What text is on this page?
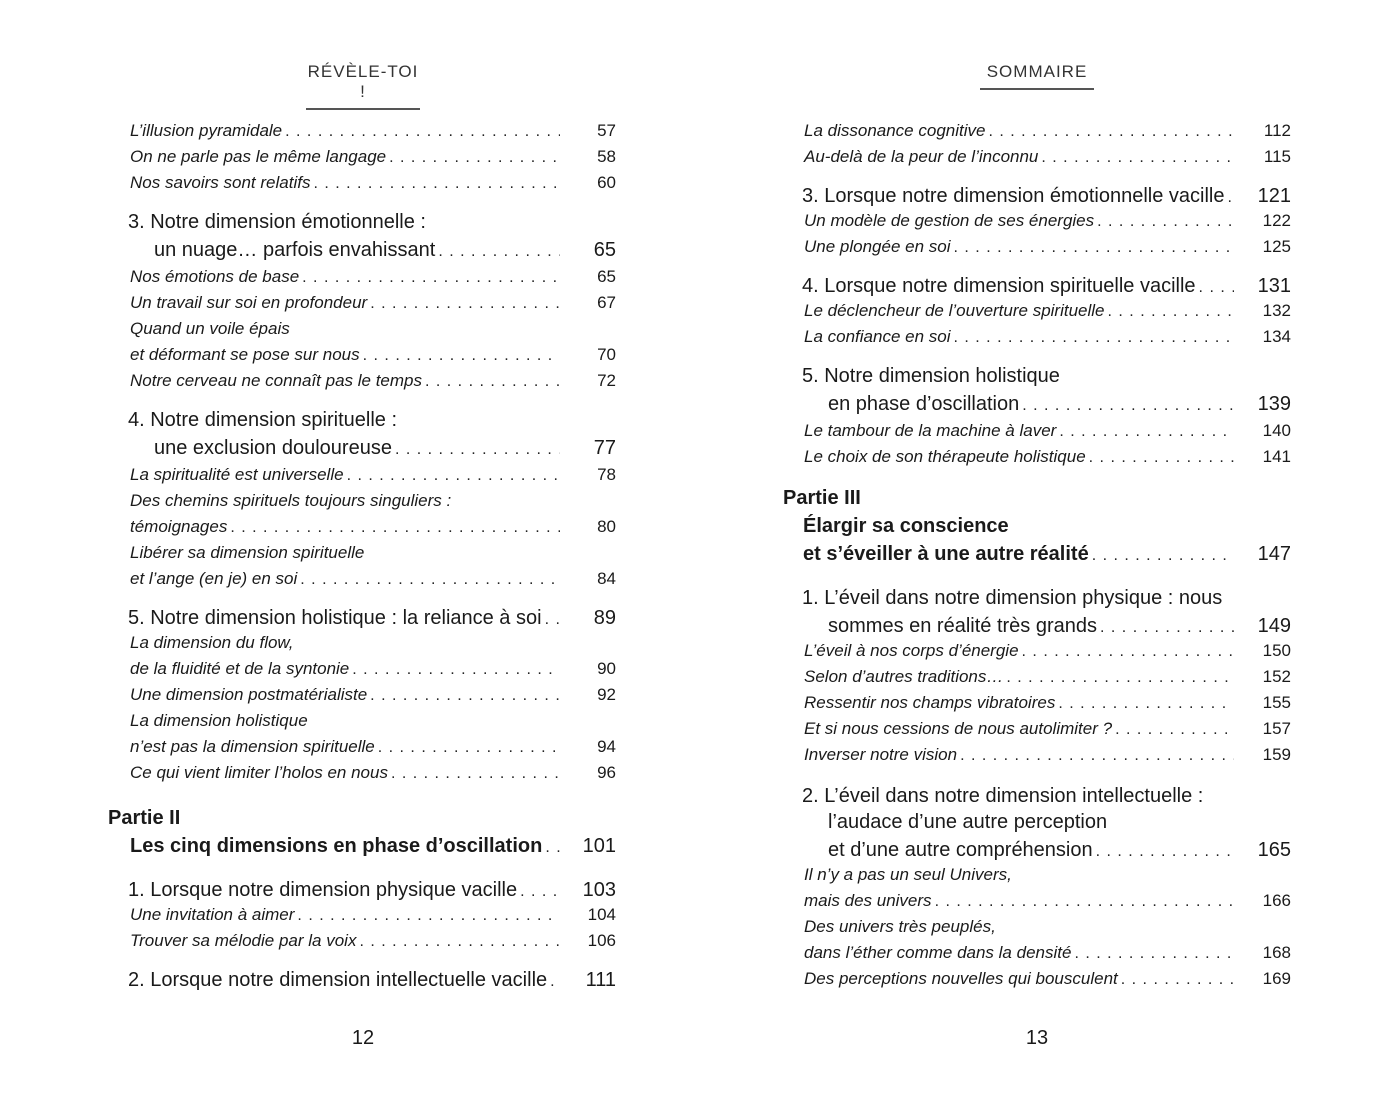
RÉVÈLE-TOI !
57
L’illusion pyramidale
. . .
58
On ne parle pas le même langage
. . .
60
Nos savoirs sont relatifs
. . .
3. Notre dimension émotionnelle :
65
un nuage… parfois envahissant
. . .
65
Nos émotions de base
. . .
67
Un travail sur soi en profondeur
. . .
Quand un voile épais
70
et déformant se pose sur nous
. . .
72
Notre cerveau ne connaît pas le temps
. . .
4. Notre dimension spirituelle :
77
une exclusion douloureuse
. . .
78
La spiritualité est universelle
. . .
Des chemins spirituels toujours singuliers :
80
témoignages
. . .
Libérer sa dimension spirituelle
84
et l’ange (en je) en soi
. . .
89
5. Notre dimension holistique : la reliance à soi
. . .
La dimension du flow,
90
de la fluidité et de la syntonie
. . .
92
Une dimension postmatérialiste
. . .
La dimension holistique
94
n’est pas la dimension spirituelle
. . .
96
Ce qui vient limiter l’holos en nous
. . .
Partie II
101
Les cinq dimensions en phase d’oscillation
. . .
103
1. Lorsque notre dimension physique vacille
. . .
104
Une invitation à aimer
. . .
106
Trouver sa mélodie par la voix
. . .
111
2. Lorsque notre dimension intellectuelle vacille
. . .
12
SOMMAIRE
112
La dissonance cognitive
. . .
115
Au-delà de la peur de l’inconnu
. . .
121
3. Lorsque notre dimension émotionnelle vacille
. . .
122
Un modèle de gestion de ses énergies
. . .
125
Une plongée en soi
. . .
131
4. Lorsque notre dimension spirituelle vacille
. . .
132
Le déclencheur de l’ouverture spirituelle
. . .
134
La confiance en soi
. . .
5. Notre dimension holistique
139
en phase d’oscillation
. . .
140
Le tambour de la machine à laver
. . .
141
Le choix de son thérapeute holistique
. . .
Partie III
Élargir sa conscience
147
et s’éveiller à une autre réalité
. . .
1. L’éveil dans notre dimension physique : nous
149
sommes en réalité très grands
. . .
150
L’éveil à nos corps d’énergie
. . .
152
Selon d’autres traditions…
. . .
155
Ressentir nos champs vibratoires
. . .
157
Et si nous cessions de nous autolimiter ?
. . .
159
Inverser notre vision
. . .
2. L’éveil dans notre dimension intellectuelle :
l’audace d’une autre perception
165
et d’une autre compréhension
. . .
Il n’y a pas un seul Univers,
166
mais des univers
. . .
Des univers très peuplés,
168
dans l’éther comme dans la densité
. . .
169
Des perceptions nouvelles qui bousculent
. . .
13
